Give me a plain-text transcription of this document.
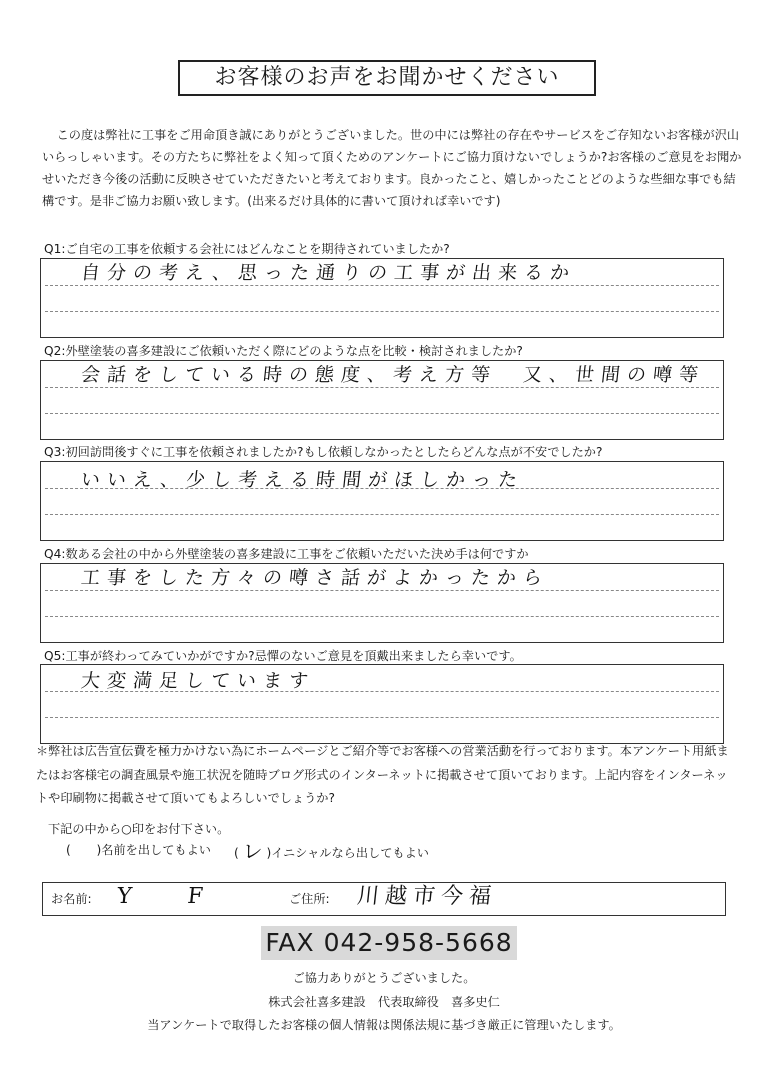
お客様のお声をお聞かせください
この度は弊社に工事をご用命頂き誠にありがとうございました。世の中には弊社の存在やサービスをご存知ないお客様が沢山いらっしゃいます。その方たちに弊社をよく知って頂くためのアンケートにご協力頂けないでしょうか?お客様のご意見をお聞かせいただき今後の活動に反映させていただきたいと考えております。良かったこと、嬉しかったことどのような些細な事でも結構です。是非ご協力お願い致します。(出来るだけ具体的に書いて頂ければ幸いです)
Q1:ご自宅の工事を依頼する会社にはどんなことを期待されていましたか?
自分の考え、思った通りの工事が出来るか
Q2:外壁塗装の喜多建設にご依頼いただく際にどのような点を比較・検討されましたか?
会話をしている時の態度、考え方等　又、世間の噂等
Q3:初回訪問後すぐに工事を依頼されましたか?もし依頼しなかったとしたらどんな点が不安でしたか?
いいえ、少し考える時間がほしかった
Q4:数ある会社の中から外壁塗装の喜多建設に工事をご依頼いただいた決め手は何ですか
工事をした方々の噂さ話がよかったから
Q5:工事が終わってみていかがですか?忌憚のないご意見を頂戴出来ましたら幸いです。
大変満足しています
＊弊社は広告宣伝費を極力かけない為にホームページとご紹介等でお客様への営業活動を行っております。本アンケート用紙またはお客様宅の調査風景や施工状況を随時ブログ形式のインターネットに掲載させて頂いております。上記内容をインターネットや印刷物に掲載させて頂いてもよろしいでしょうか?
下記の中から○印をお付下さい。
( )名前を出してもよい ( レ )イニシャルなら出してもよい
お名前: Y　　F	ご住所: 川越市今福
FAX 042-958-5668
ご協力ありがとうございました。
株式会社喜多建設　代表取締役　喜多史仁
当アンケートで取得したお客様の個人情報は関係法規に基づき厳正に管理いたします。
